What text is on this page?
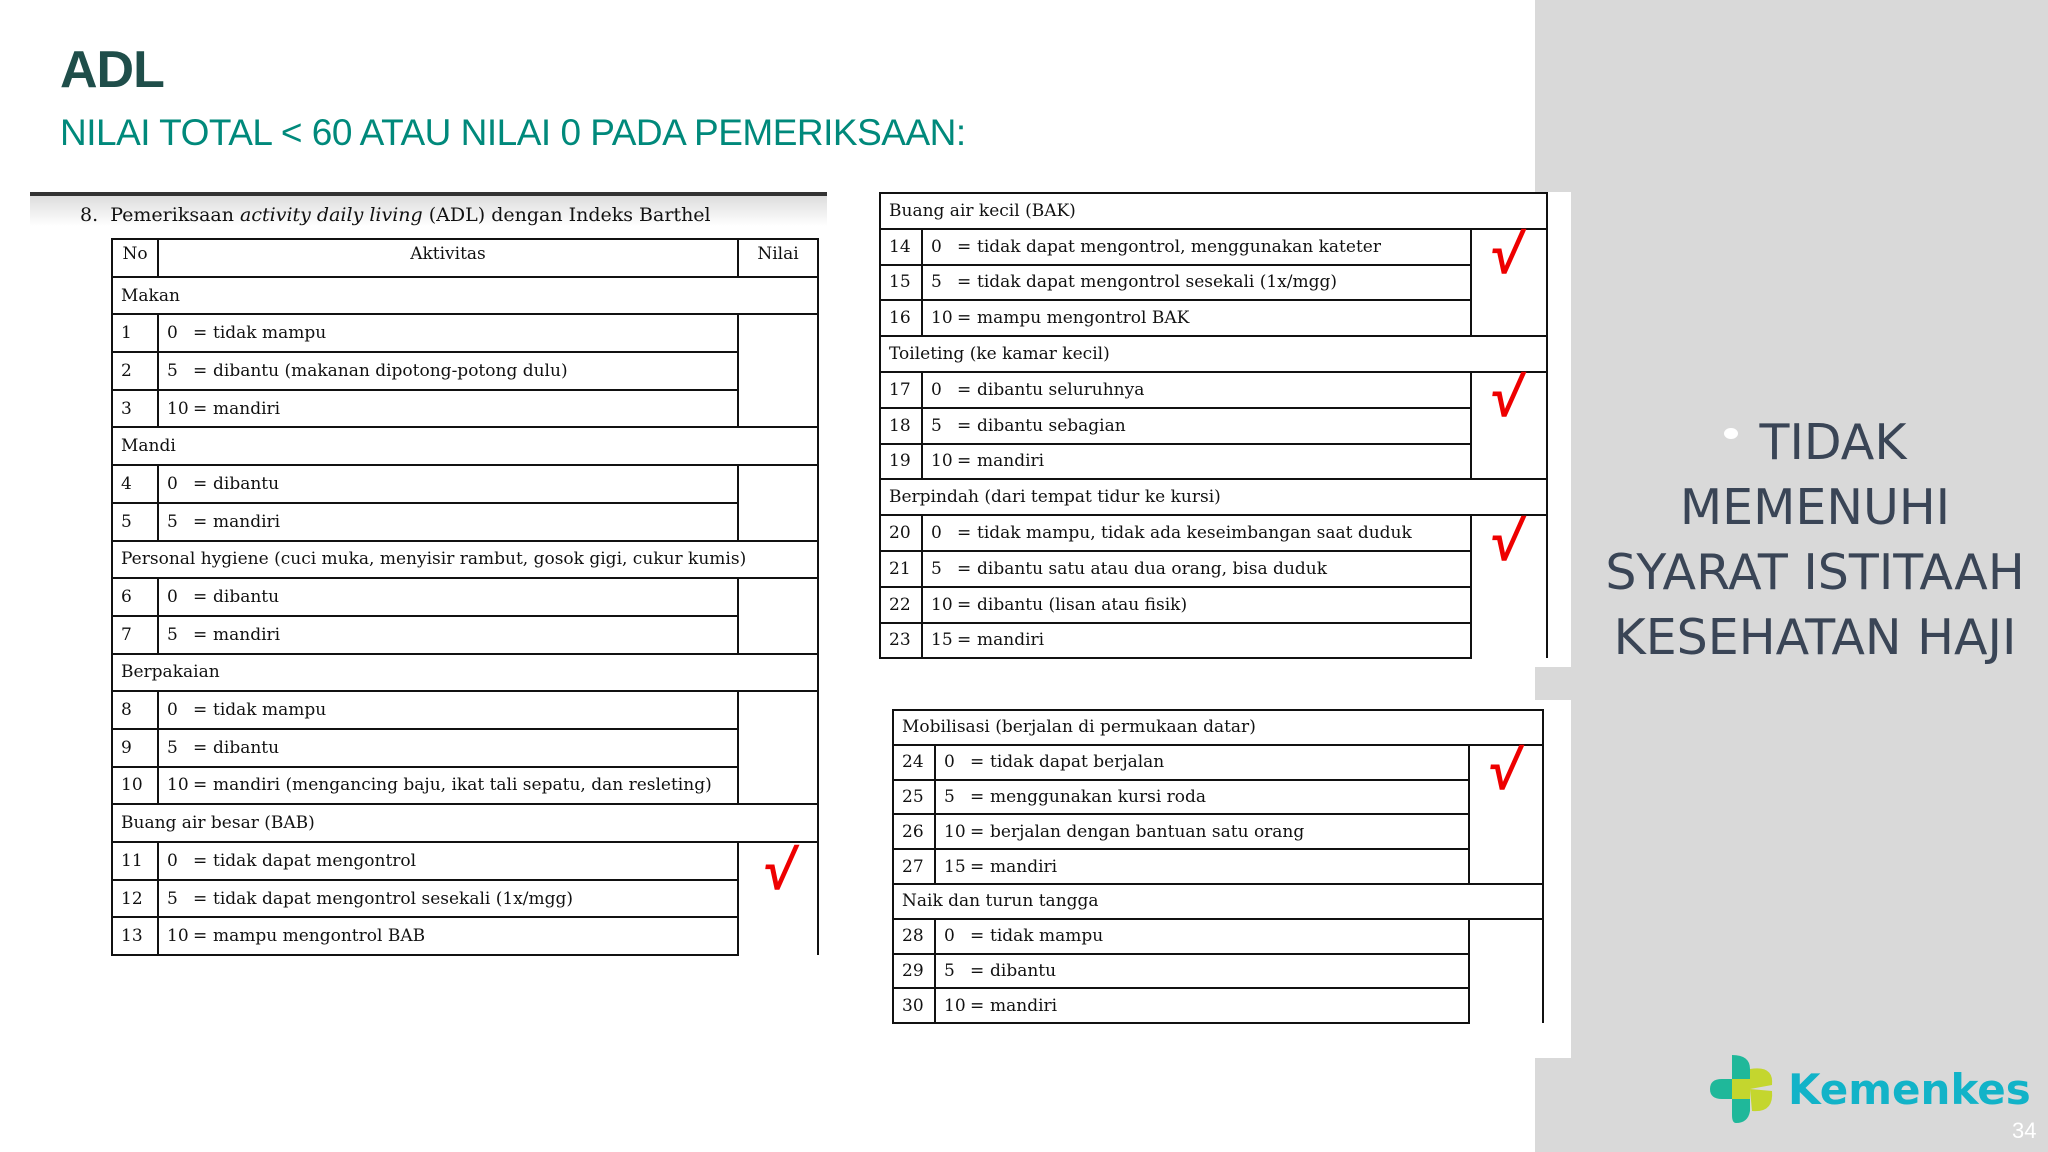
ADL
NILAI TOTAL < 60 ATAU NILAI 0 PADA PEMERIKSAAN:
8. Pemeriksaan activity daily living (ADL) dengan Indeks Barthel
No	Aktivitas	Nilai
Makan		
1	0 = tidak mampu	
2	5 = dibantu (makanan dipotong-potong dulu)	
3	10 = mandiri	
Mandi		
4	0 = dibantu	
5	5 = mandiri	
Personal hygiene (cuci muka, menyisir rambut, gosok gigi, cukur kumis)		
6	0 = dibantu	
7	5 = mandiri	
Berpakaian		
8	0 = tidak mampu	
9	5 = dibantu	
10	10 = mandiri (mengancing baju, ikat tali sepatu, dan resleting)	
Buang air besar (BAB)		
11	0 = tidak dapat mengontrol	
12	5 = tidak dapat mengontrol sesekali (1x/mgg)	
13	10 = mampu mengontrol BAB	
Buang air kecil (BAK)		
14	0 = tidak dapat mengontrol, menggunakan kateter	
15	5 = tidak dapat mengontrol sesekali (1x/mgg)	
16	10 = mampu mengontrol BAK	
Toileting (ke kamar kecil)		
17	0 = dibantu seluruhnya	
18	5 = dibantu sebagian	
19	10 = mandiri	
Berpindah (dari tempat tidur ke kursi)		
20	0 = tidak mampu, tidak ada keseimbangan saat duduk	
21	5 = dibantu satu atau dua orang, bisa duduk	
22	10 = dibantu (lisan atau fisik)	
23	15 = mandiri	
Mobilisasi (berjalan di permukaan datar)		
24	0 = tidak dapat berjalan	
25	5 = menggunakan kursi roda	
26	10 = berjalan dengan bantuan satu orang	
27	15 = mandiri	
Naik dan turun tangga		
28	0 = tidak mampu	
29	5 = dibantu	
30	10 = mandiri	
√
√
√
√
√
TIDAK MEMENUHI SYARAT ISTITAAH KESEHATAN HAJI
Kemenkes
34
